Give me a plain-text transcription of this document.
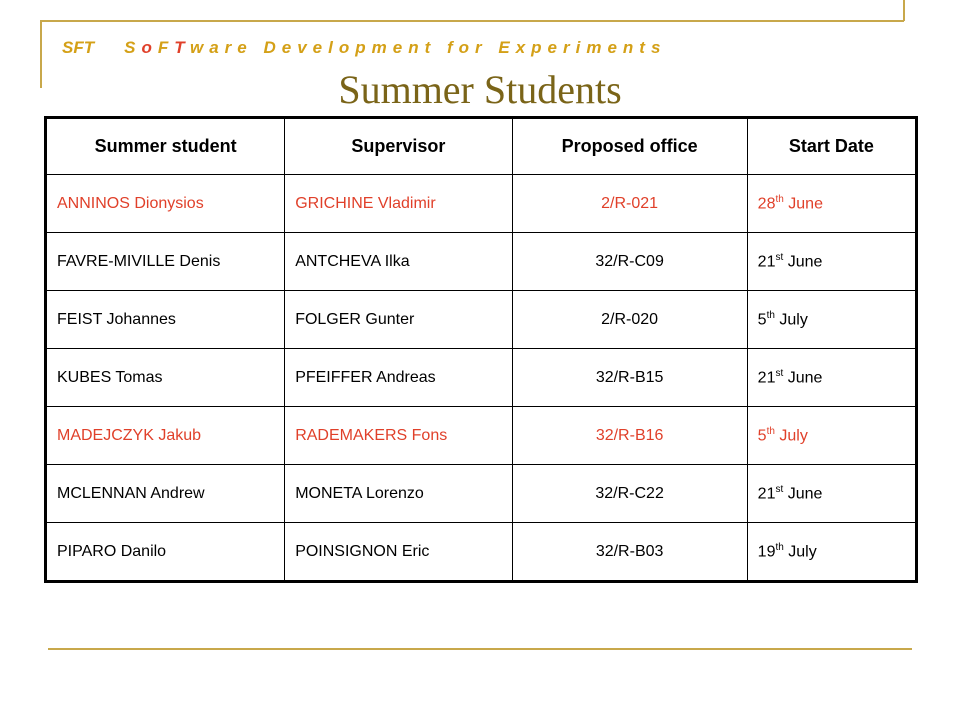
SFT SoFTware Development for Experiments
Summer Students
Summer student	Supervisor	Proposed office	Start Date
ANNINOS Dionysios	GRICHINE Vladimir	2/R-021	28th June
FAVRE-MIVILLE Denis	ANTCHEVA Ilka	32/R-C09	21st June
FEIST Johannes	FOLGER Gunter	2/R-020	5th July
KUBES Tomas	PFEIFFER Andreas	32/R-B15	21st June
MADEJCZYK Jakub	RADEMAKERS Fons	32/R-B16	5th July
MCLENNAN Andrew	MONETA Lorenzo	32/R-C22	21st June
PIPARO Danilo	POINSIGNON Eric	32/R-B03	19th July
